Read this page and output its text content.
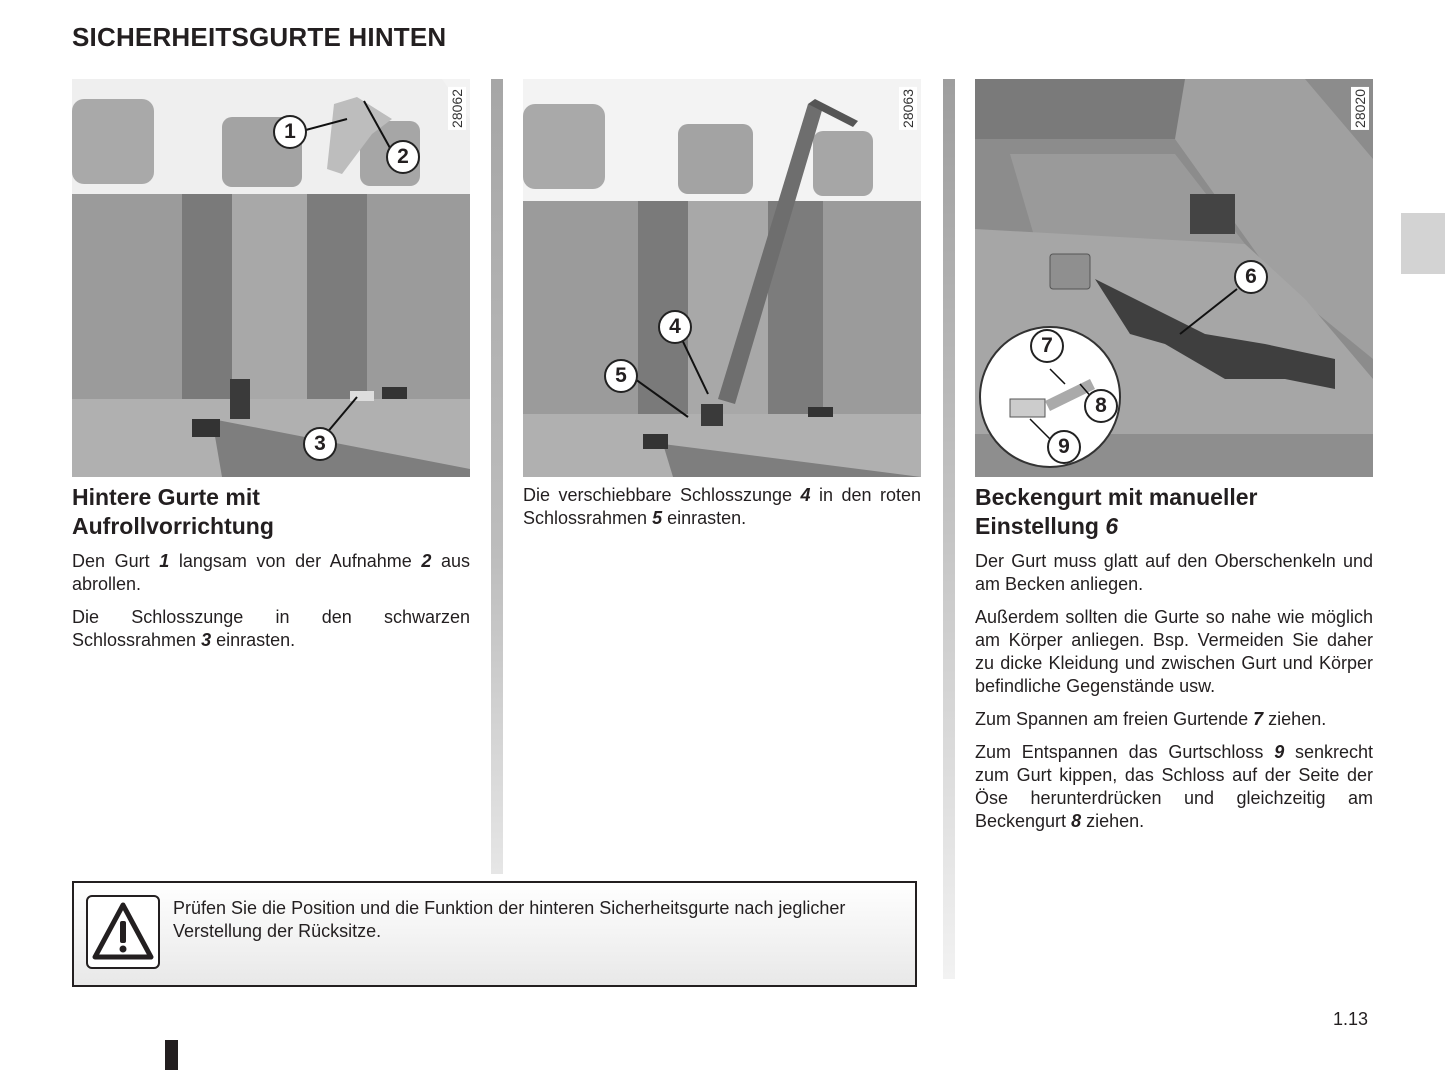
SICHERHEITSGURTE HINTEN
28062
1
2
3
28063
4
5
28020
6
7
8
9
Hintere Gurte mit
Aufrollvorrichtung

Den Gurt 1 langsam von der Aufnahme 2 aus abrollen.

Die Schlosszunge in den schwarzen Schlossrahmen 3 einrasten.

Die verschiebbare Schlosszunge 4 in den roten Schlossrahmen 5 einrasten.

Beckengurt mit manueller
Einstellung 6

Der Gurt muss glatt auf den Oberschenkeln und am Becken anliegen.

Außerdem sollten die Gurte so nahe wie möglich am Körper anliegen. Bsp. Vermeiden Sie daher zu dicke Kleidung und zwischen Gurt und Körper befindliche Gegenstände usw.

Zum Spannen am freien Gurtende 7 ziehen.

Zum Entspannen das Gurtschloss 9 senkrecht zum Gurt kippen, das Schloss auf der Seite der Öse herunterdrücken und gleichzeitig am Beckengurt 8 ziehen.

Prüfen Sie die Position und die Funktion der hinteren Sicherheitsgurte nach jeglicher Verstellung der Rücksitze.
1.13
